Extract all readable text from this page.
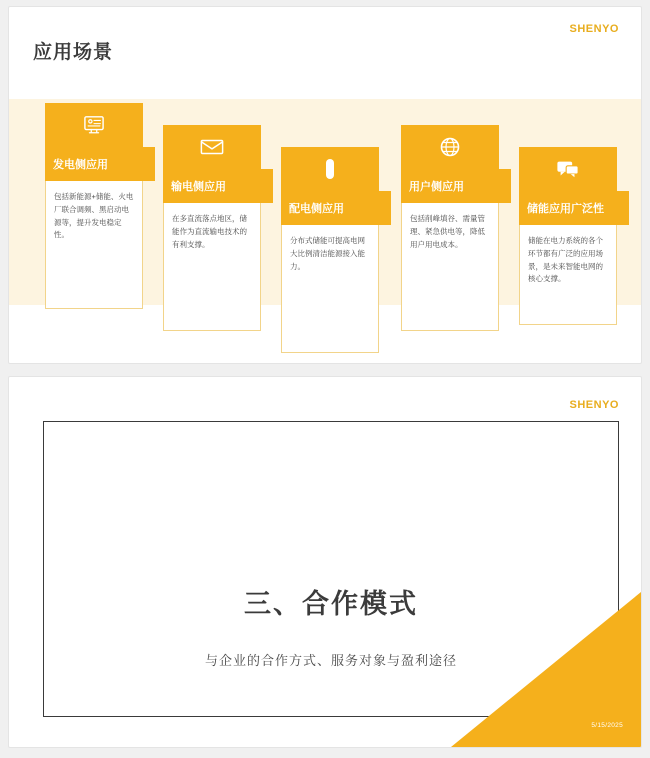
SHENYO
应用场景
发电侧应用
包括新能源+储能、火电厂联合调频、黑启动电源等，提升发电稳定性。
输电侧应用
在多直流落点地区，储能作为直流输电技术的有利支撑。
配电侧应用
分布式储能可提高电网大比例清洁能源接入能力。
用户侧应用
包括削峰填谷、需量管理、紧急供电等，降低用户用电成本。
储能应用广泛性
储能在电力系统的各个环节都有广泛的应用场景，是未来智能电网的核心支撑。
SHENYO
三、合作模式
与企业的合作方式、服务对象与盈利途径
5/15/2025
